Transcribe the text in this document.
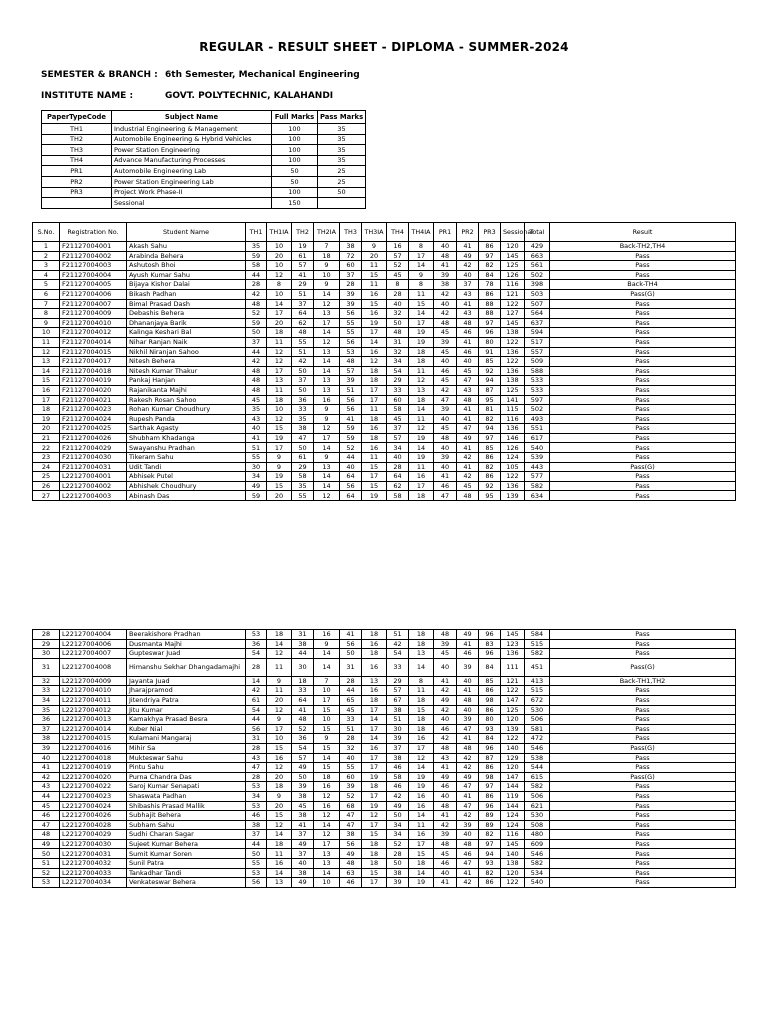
REGULAR - RESULT SHEET - DIPLOMA - SUMMER-2024
SEMESTER & BRANCH : 6th Semester, Mechanical Engineering
INSTITUTE NAME :	GOVT. POLYTECHNIC, KALAHANDI
PaperTypeCode	Subject Name	Full Marks	Pass Marks
TH1	Industrial Engineering & Management	100	35
TH2	Automobile Engineering & Hybrid Vehicles	100	35
TH3	Power Station Engineering	100	35
TH4	Advance Manufacturing Processes	100	35
PR1	Automobile Engineering Lab	50	25
PR2	Power Station Engineering Lab	50	25
PR3	Project Work Phase-II	100	50
	Sessional	150	
S.No.	Registration No.	Student Name	TH1	TH1IA	TH2	TH2IA	TH3	TH3IA	TH4	TH4IA	PR1	PR2	PR3	Sessional	Total	Result
1	F21127004001	Akash Sahu	35	10	19	7	38	9	16	8	40	41	86	120	429	Back-TH2,TH4
2	F21127004002	Arabinda Behera	59	20	61	18	72	20	57	17	48	49	97	145	663	Pass
3	F21127004003	Ashutosh Bhoi	58	10	57	9	60	11	52	14	41	42	82	125	561	Pass
4	F21127004004	Ayush Kumar Sahu	44	12	41	10	37	15	45	9	39	40	84	126	502	Pass
5	F21127004005	Bijaya Kishor Dalai	28	8	29	9	28	11	8	8	38	37	78	116	398	Back-TH4
6	F21127004006	Bikash Padhan	42	10	51	14	39	16	28	11	42	43	86	121	503	Pass(G)
7	F21127004007	Bimal Prasad Dash	48	14	37	12	39	15	40	15	40	41	88	122	507	Pass
8	F21127004009	Debashis Behera	52	17	64	13	56	16	32	14	42	43	88	127	564	Pass
9	F21127004010	Dhananjaya Barik	59	20	62	17	55	19	50	17	48	48	97	145	637	Pass
10	F21127004012	Kalinga Keshari Bal	50	18	48	14	55	17	48	19	45	46	96	138	594	Pass
11	F21127004014	Nihar Ranjan Naik	37	11	55	12	56	14	31	19	39	41	80	122	517	Pass
12	F21127004015	Nikhil Niranjan Sahoo	44	12	51	13	53	16	32	18	45	46	91	136	557	Pass
13	F21127004017	Nitesh Behera	42	12	42	14	48	12	34	18	40	40	85	122	509	Pass
14	F21127004018	Nitesh Kumar Thakur	48	17	50	14	57	18	54	11	46	45	92	136	588	Pass
15	F21127004019	Pankaj Hanjan	48	13	37	13	39	18	29	12	45	47	94	138	533	Pass
16	F21127004020	Rajanikanta Majhi	48	11	50	13	51	17	33	13	42	43	87	125	533	Pass
17	F21127004021	Rakesh Rosan Sahoo	45	18	36	16	56	17	60	18	47	48	95	141	597	Pass
18	F21127004023	Rohan Kumar Choudhury	35	10	33	9	56	11	58	14	39	41	81	115	502	Pass
19	F21127004024	Rupesh Panda	43	12	35	9	41	18	45	11	40	41	82	116	493	Pass
20	F21127004025	Sarthak Agasty	40	15	38	12	59	16	37	12	45	47	94	136	551	Pass
21	F21127004026	Shubham Khadanga	41	19	47	17	59	18	57	19	48	49	97	146	617	Pass
22	F21127004029	Swayanshu Pradhan	51	17	50	14	52	16	34	14	40	41	85	126	540	Pass
23	F21127004030	Tikeram Sahu	55	9	61	9	44	11	40	19	39	42	86	124	539	Pass
24	F21127004031	Udit Tandi	30	9	29	13	40	15	28	11	40	41	82	105	443	Pass(G)
25	L22127004001	Abhisek Putel	34	19	58	14	64	17	64	16	41	42	86	122	577	Pass
26	L22127004002	Abhishek Choudhury	49	15	35	14	56	15	62	17	46	45	92	136	582	Pass
27	L22127004003	Abinash Das	59	20	55	12	64	19	58	18	47	48	95	139	634	Pass
28	L22127004004	Beerakishore Pradhan	53	18	31	16	41	18	51	18	48	49	96	145	584	Pass
29	L22127004006	Dusmanta Majhi	36	14	38	9	56	16	42	18	39	41	83	123	515	Pass
30	L22127004007	Gupteswar Juad	54	12	44	14	50	18	54	13	45	46	96	136	582	Pass
31	L22127004008	Himanshu Sekhar Dhangadamajhi	28	11	30	14	31	16	33	14	40	39	84	111	451	Pass(G)
32	L22127004009	Jayanta Juad	14	9	18	7	28	13	29	8	41	40	85	121	413	Back-TH1,TH2
33	L22127004010	Jharajpramod	42	11	33	10	44	16	57	11	42	41	86	122	515	Pass
34	L22127004011	Jitendriya Patra	61	20	64	17	65	18	67	18	49	48	98	147	672	Pass
35	L22127004012	Jitu Kumar	54	12	41	15	45	17	38	15	42	40	86	125	530	Pass
36	L22127004013	Kamakhya Prasad Besra	44	9	48	10	33	14	51	18	40	39	80	120	506	Pass
37	L22127004014	Kuber Nial	56	17	52	15	51	17	30	18	46	47	93	139	581	Pass
38	L22127004015	Kulamani Mangaraj	31	10	36	9	28	14	39	16	42	41	84	122	472	Pass
39	L22127004016	Mihir Sa	28	15	54	15	32	16	37	17	48	48	96	140	546	Pass(G)
40	L22127004018	Mukteswar Sahu	43	16	57	14	40	17	38	12	43	42	87	129	538	Pass
41	L22127004019	Pintu Sahu	47	12	49	15	55	17	46	14	41	42	86	120	544	Pass
42	L22127004020	Purna Chandra Das	28	20	50	18	60	19	58	19	49	49	98	147	615	Pass(G)
43	L22127004022	Saroj Kumar Senapati	53	18	39	16	39	18	46	19	46	47	97	144	582	Pass
44	L22127004023	Shaswata Padhan	34	9	38	12	52	17	42	16	40	41	86	119	506	Pass
45	L22127004024	Shibashis Prasad Mallik	53	20	45	16	68	19	49	16	48	47	96	144	621	Pass
46	L22127004026	Subhajit Behera	46	15	38	12	47	12	50	14	41	42	89	124	530	Pass
47	L22127004028	Subham Sahu	38	12	41	14	47	17	34	11	42	39	89	124	508	Pass
48	L22127004029	Sudhi Charan Sagar	37	14	37	12	38	15	34	16	39	40	82	116	480	Pass
49	L22127004030	Sujeet Kumar Behera	44	18	49	17	56	18	52	17	48	48	97	145	609	Pass
50	L22127004031	Sumit Kumar Soren	50	11	37	13	49	18	28	15	45	46	94	140	546	Pass
51	L22127004032	Sunil Patra	55	16	40	13	48	18	50	18	46	47	93	138	582	Pass
52	L22127004033	Tankadhar Tandi	53	14	38	14	63	15	38	14	40	41	82	120	534	Pass
53	L22127004034	Venkateswar Behera	56	13	49	10	46	17	39	19	41	42	86	122	540	Pass
